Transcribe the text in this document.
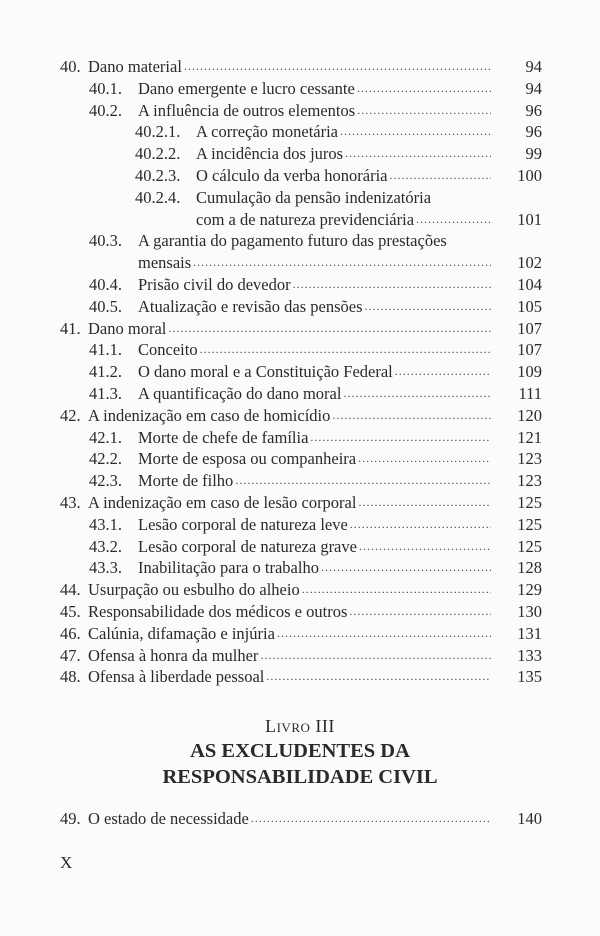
40. Dano material .....	94
40.1. Dano emergente e lucro cessante .....	94
40.2. A influência de outros elementos .....	96
40.2.1. A correção monetária .....	96
40.2.2. A incidência dos juros .....	99
40.2.3. O cálculo da verba honorária .....	100
40.2.4. Cumulação da pensão indenizatória
com a de natureza previdenciária .....	101
40.3. A garantia do pagamento futuro das prestações
mensais .....	102
40.4. Prisão civil do devedor .....	104
40.5. Atualização e revisão das pensões .....	105
41. Dano moral .....	107
41.1. Conceito .....	107
41.2. O dano moral e a Constituição Federal .....	109
41.3. A quantificação do dano moral .....	111
42. A indenização em caso de homicídio .....	120
42.1. Morte de chefe de família .....	121
42.2. Morte de esposa ou companheira .....	123
42.3. Morte de filho .....	123
43. A indenização em caso de lesão corporal .....	125
43.1. Lesão corporal de natureza leve .....	125
43.2. Lesão corporal de natureza grave .....	125
43.3. Inabilitação para o trabalho .....	128
44. Usurpação ou esbulho do alheio .....	129
45. Responsabilidade dos médicos e outros .....	130
46. Calúnia, difamação e injúria .....	131
47. Ofensa à honra da mulher .....	133
48. Ofensa à liberdade pessoal .....	135
Livro III
AS EXCLUDENTES DA
RESPONSABILIDADE CIVIL
49. O estado de necessidade .....	140
X
